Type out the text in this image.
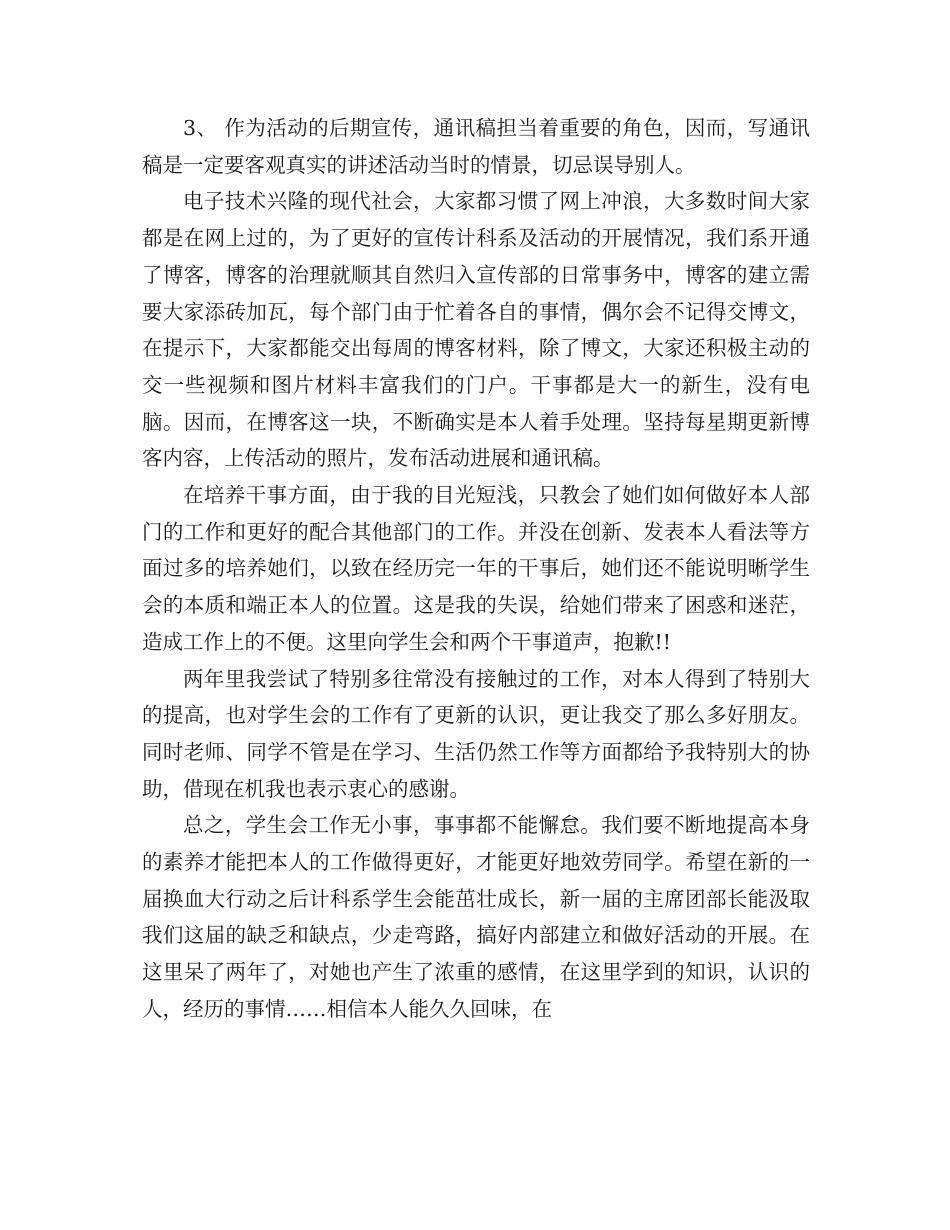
3、 作为活动的后期宣传，通讯稿担当着重要的角色，因而，写通讯稿是一定要客观真实的讲述活动当时的情景，切忌误导别人。

电子技术兴隆的现代社会，大家都习惯了网上冲浪，大多数时间大家都是在网上过的，为了更好的宣传计科系及活动的开展情况，我们系开通了博客，博客的治理就顺其自然归入宣传部的日常事务中，博客的建立需要大家添砖加瓦，每个部门由于忙着各自的事情，偶尔会不记得交博文，在提示下，大家都能交出每周的博客材料，除了博文，大家还积极主动的交一些视频和图片材料丰富我们的门户。干事都是大一的新生，没有电脑。因而，在博客这一块，不断确实是本人着手处理。坚持每星期更新博客内容，上传活动的照片，发布活动进展和通讯稿。

在培养干事方面，由于我的目光短浅，只教会了她们如何做好本人部门的工作和更好的配合其他部门的工作。并没在创新、发表本人看法等方面过多的培养她们，以致在经历完一年的干事后，她们还不能说明晰学生会的本质和端正本人的位置。这是我的失误，给她们带来了困惑和迷茫，造成工作上的不便。这里向学生会和两个干事道声，抱歉!!

两年里我尝试了特别多往常没有接触过的工作，对本人得到了特别大的提高，也对学生会的工作有了更新的认识，更让我交了那么多好朋友。同时老师、同学不管是在学习、生活仍然工作等方面都给予我特别大的协助，借现在机我也表示衷心的感谢。

总之，学生会工作无小事，事事都不能懈怠。我们要不断地提高本身的素养才能把本人的工作做得更好，才能更好地效劳同学。希望在新的一届换血大行动之后计科系学生会能茁壮成长，新一届的主席团部长能汲取我们这届的缺乏和缺点，少走弯路，搞好内部建立和做好活动的开展。在这里呆了两年了，对她也产生了浓重的感情，在这里学到的知识，认识的人，经历的事情……相信本人能久久回味，在
